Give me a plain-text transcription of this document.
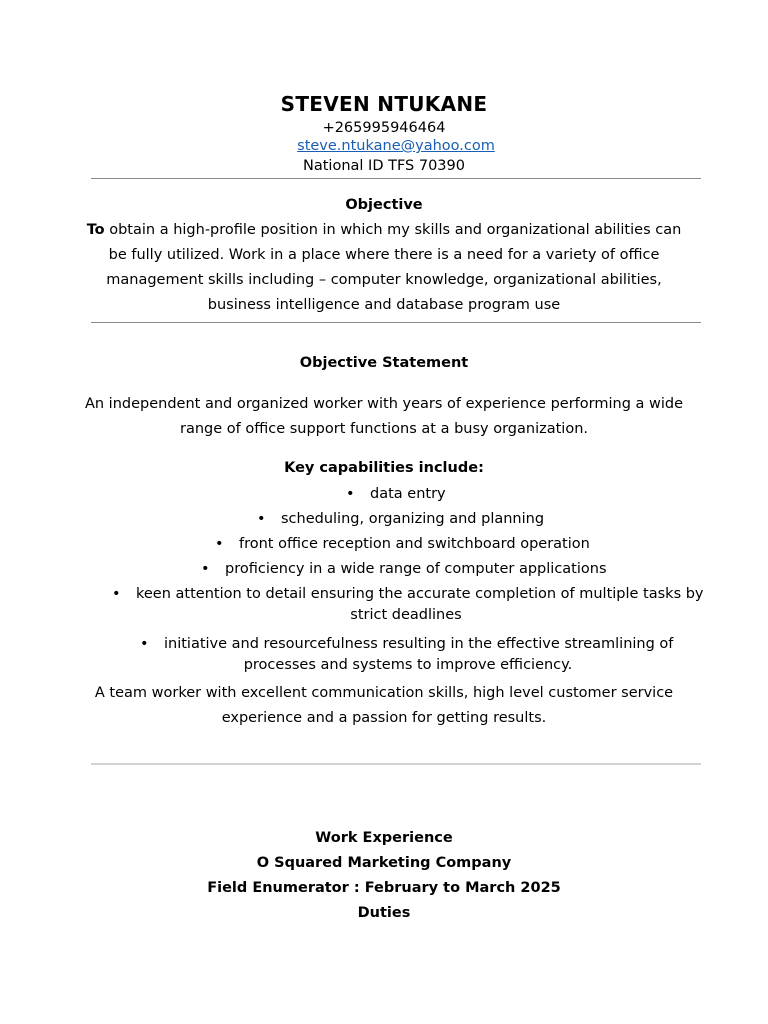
STEVEN NTUKANE
+265995946464
steve.ntukane@yahoo.com
National ID TFS 70390
Objective
To obtain a high-profile position in which my skills and organizational abilities can
be fully utilized. Work in a place where there is a need for a variety of office
management skills including – computer knowledge, organizational abilities,
business intelligence and database program use
Objective Statement
An independent and organized worker with years of experience performing a wide
range of office support functions at a busy organization.
Key capabilities include:
• data entry
• scheduling, organizing and planning
• front office reception and switchboard operation
• proficiency in a wide range of computer applications
• keen attention to detail ensuring the accurate completion of multiple tasks by
strict deadlines
• initiative and resourcefulness resulting in the effective streamlining of
processes and systems to improve efficiency.
A team worker with excellent communication skills, high level customer service
experience and a passion for getting results.
Work Experience
O Squared Marketing Company
Field Enumerator : February to March 2025
Duties
